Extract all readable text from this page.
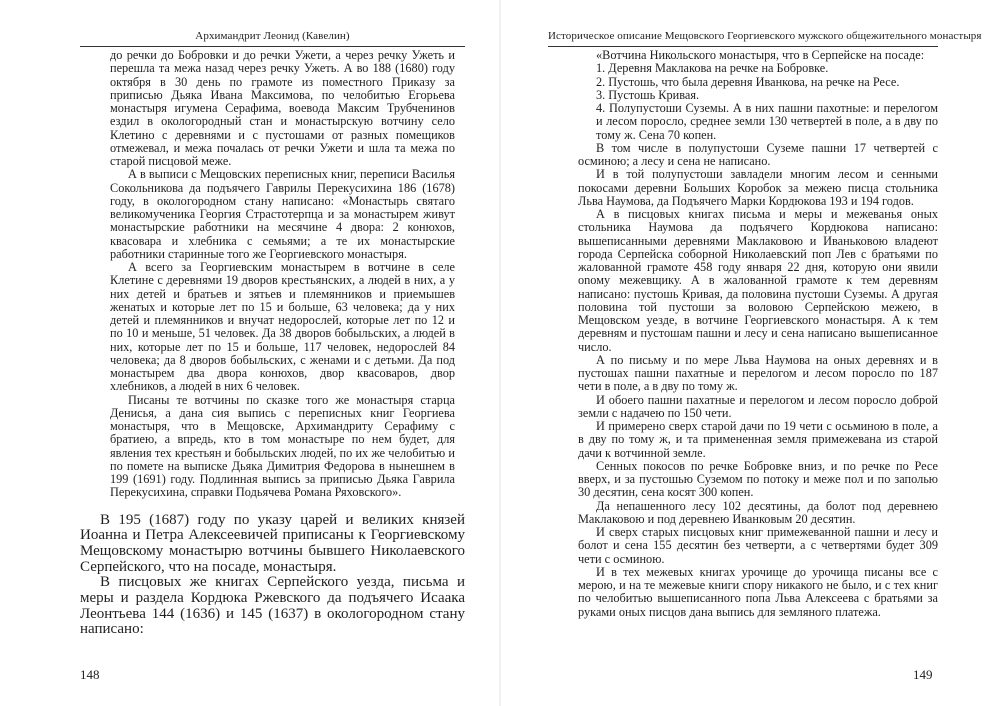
Архимандрит Леонид (Кавелин)

до речки до Бобровки и до речки Ужети, а через речку Ужеть и перешла та межа назад через речку Ужеть. А во 188 (1680) году октября в 30 день по грамоте из поместного Приказу за приписью Дьяка Ивана Максимова, по челобитью Егорьева монастыря игумена Серафима, воевода Максим Трубченинов ездил в окологородный стан и монастырскую вотчину село Клетино с деревнями и с пустошами от разных помещиков отмежевал, и межа почалась от речки Ужети и шла та межа по старой писцовой меже.

А в выписи с Мещовских переписных книг, переписи Василья Сокольникова да подъячего Гаврилы Перекусихина 186 (1678) году, в окологородном стану написано: «Монастырь святаго великомученика Георгия Страстотерпца и за монастырем живут монастырские работники на месячине 4 двора: 2 конюхов, квасовара и хлебника с семьями; а те их монастырские работники старинные того же Георгиевского монастыря.

А всего за Георгиевским монастырем в вотчине в селе Клетине с деревнями 19 дворов крестьянских, а людей в них, а у них детей и братьев и зятьев и племянников и приемышев женатых и которые лет по 15 и больше, 63 человека; да у них детей и племянников и внучат недорослей, которые лет по 12 и по 10 и меньше, 51 человек. Да 38 дворов бобыльских, а людей в них, которые лет по 15 и больше, 117 человек, недорослей 84 человека; да 8 дворов бобыльских, с женами и с детьми. Да под монастырем два двора конюхов, двор квасоваров, двор хлебников, а людей в них 6 человек.

Писаны те вотчины по сказке того же монастыря старца Денисья, а дана сия выпись с переписных книг Георгиева монастыря, что в Мещовске, Архимандриту Серафиму с братиею, а впредь, кто в том монастыре по нем будет, для явления тех крестьян и бобыльских людей, по их же челобитью и по помете на выписке Дьяка Димитрия Федорова в нынешнем в 199 (1691) году. Подлинная выпись за приписью Дьяка Гаврила Перекусихина, справки Подьячева Романа Ряховского».

В 195 (1687) году по указу царей и великих князей Иоанна и Петра Алексеевичей приписаны к Георгиевскому Мещовскому монастырю вотчины бывшего Николаевского Серпейского, что на посаде, монастыря.

В писцовых же книгах Серпейского уезда, письма и меры и раздела Кордюка Ржевского да подъячего Исаака Леонтьева 144 (1636) и 145 (1637) в окологородном стану написано:

148
Историческое описание Мещовского Георгиевского мужского общежительного монастыря

«Вотчина Никольского монастыря, что в Серпейске на посаде:

1. Деревня Маклакова на речке на Бобровке.

2. Пустошь, что была деревня Иванкова, на речке на Ресе.

3. Пустошь Кривая.

4. Полупустоши Суземы. А в них пашни пахотные: и перелогом и лесом поросло, среднее земли 130 четвертей в поле, а в дву по тому ж. Сена 70 копен.

В том числе в полупустоши Суземе пашни 17 четвертей с осминою; а лесу и сена не написано.

И в той полупустоши завладели многим лесом и сенными покосами деревни Больших Коробок за межею писца стольника Льва Наумова, да Подъячего Марки Кордюкова 193 и 194 годов.

А в писцовых книгах письма и меры и межеванья оных стольника Наумова да подъячего Кордюкова написано: вышеписанными деревнями Маклаковою и Иваньковою владеют города Серпейска соборной Николаевский поп Лев с братьями по жалованной грамоте 458 году января 22 дня, которую они явили onому межевщику. А в жалованной грамоте к тем деревням написано: пустошь Кривая, да половина пустоши Суземы. А другая половина той пустоши за воловою Серпейскою межею, в Мещовском уезде, в вотчине Георгиевского монастыря. А к тем деревням и пустошам пашни и лесу и сена написано вышеписанное число.

А по письму и по мере Льва Наумова на оных деревнях и в пустошах пашни пахатные и перелогом и лесом поросло по 187 чети в поле, а в дву по тому ж.

И обоего пашни пахатные и перелогом и лесом поросло доброй земли с надачею по 150 чети.

И примерено сверх старой дачи по 19 чети с осьминою в поле, а в дву по тому ж, и та примененная земля примежевана из старой дачи к вотчинной земле.

Сенных покосов по речке Бобровке вниз, и по речке по Ресе вверх, и за пустошью Суземом по потоку и меже пол и по заполью 30 десятин, сена косят 300 копен.

Да непашенного лесу 102 десятины, да болот под деревнею Маклаковою и под деревнею Иванковым 20 десятин.

И сверх старых писцовых книг примежеванной пашни и лесу и болот и сена 155 десятин без четверти, а с четвертями будет 309 чети с осминою.

И в тех межевых книгах урочище до урочища писаны все с мерою, и на те межевые книги спору никакого не было, и с тех книг по челобитью вышеписанного попа Льва Алексеева с братьями за руками оных писцов дана выпись для земляного платежа.

149
